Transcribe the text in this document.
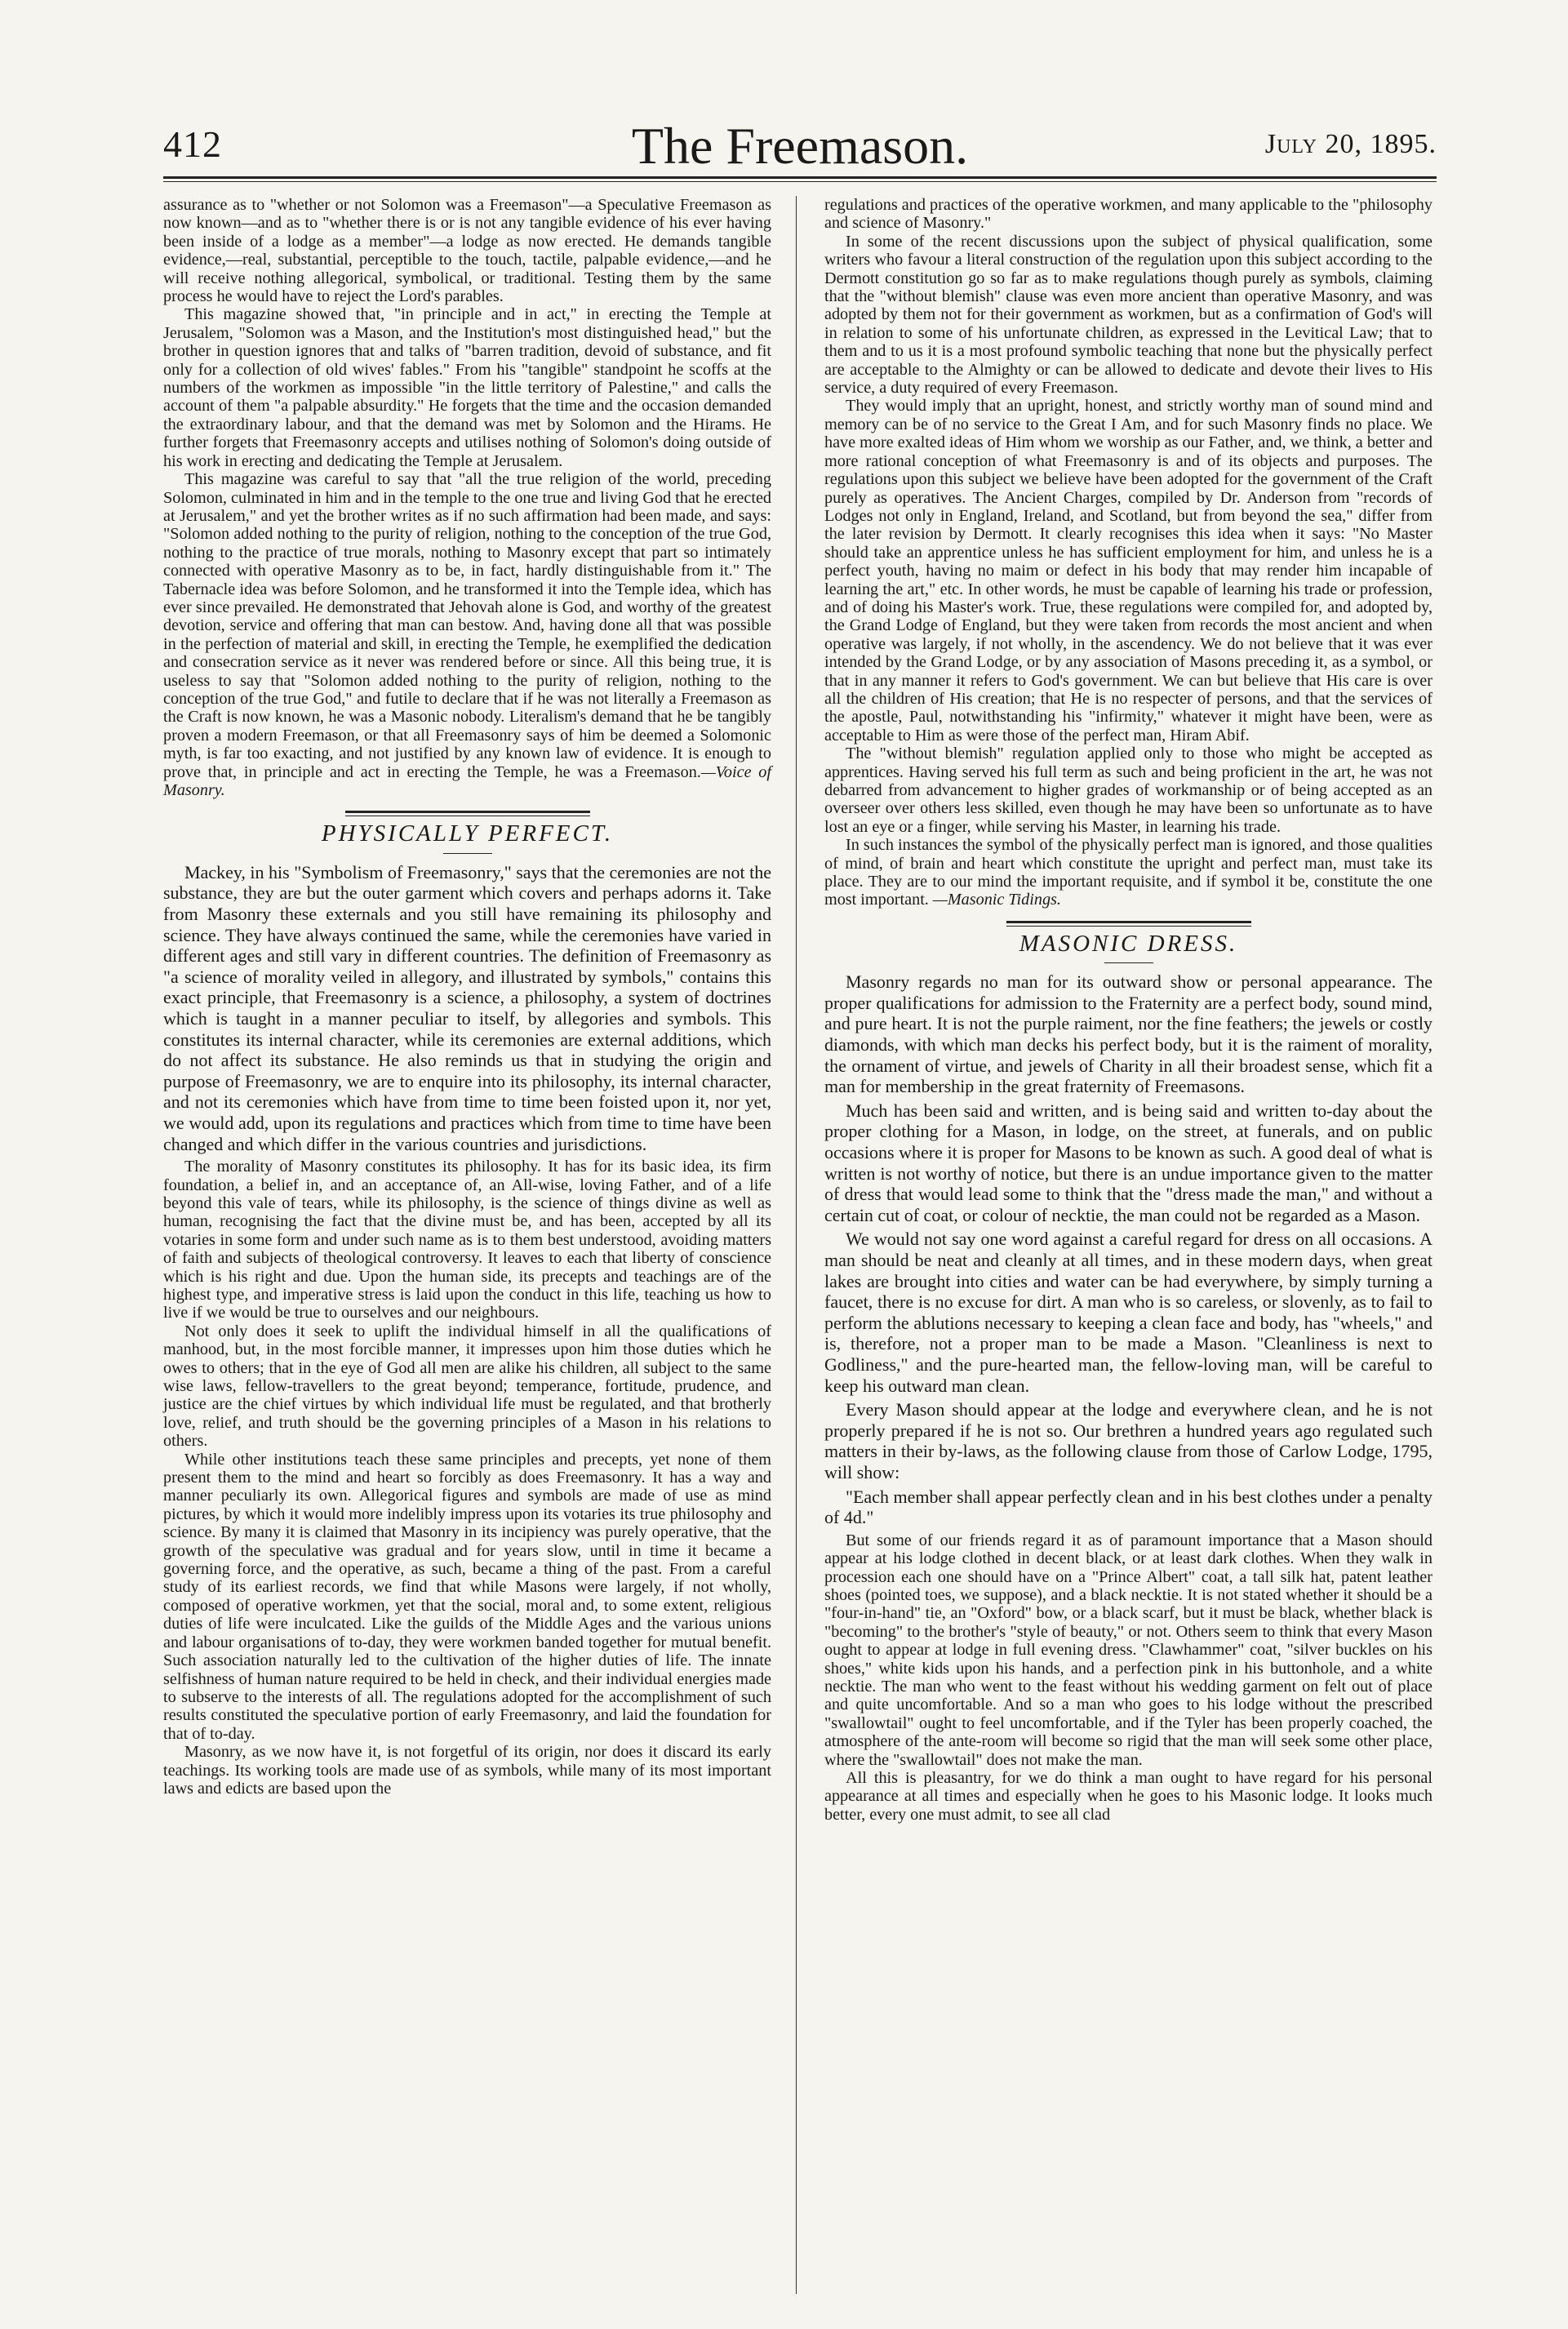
412	The Freemason.	July 20, 1895.

assurance as to "whether or not Solomon was a Freemason"—a Speculative Freemason as now known—and as to "whether there is or is not any tangible evidence of his ever having been inside of a lodge as a member"—a lodge as now erected. He demands tangible evidence,—real, substantial, perceptible to the touch, tactile, palpable evidence,—and he will receive nothing allegorical, symbolical, or traditional. Testing them by the same process he would have to reject the Lord's parables.

This magazine showed that, "in principle and in act," in erecting the Temple at Jerusalem, "Solomon was a Mason, and the Institution's most distinguished head," but the brother in question ignores that and talks of "barren tradition, devoid of substance, and fit only for a collection of old wives' fables." From his "tangible" standpoint he scoffs at the numbers of the workmen as impossible "in the little territory of Palestine," and calls the account of them "a palpable absurdity." He forgets that the time and the occasion demanded the extraordinary labour, and that the demand was met by Solomon and the Hirams. He further forgets that Freemasonry accepts and utilises nothing of Solomon's doing outside of his work in erecting and dedicating the Temple at Jerusalem.

This magazine was careful to say that "all the true religion of the world, preceding Solomon, culminated in him and in the temple to the one true and living God that he erected at Jerusalem," and yet the brother writes as if no such affirmation had been made, and says: "Solomon added nothing to the purity of religion, nothing to the conception of the true God, nothing to the practice of true morals, nothing to Masonry except that part so intimately connected with operative Masonry as to be, in fact, hardly distinguishable from it." The Tabernacle idea was before Solomon, and he transformed it into the Temple idea, which has ever since prevailed. He demonstrated that Jehovah alone is God, and worthy of the greatest devotion, service and offering that man can bestow. And, having done all that was possible in the perfection of material and skill, in erecting the Temple, he exemplified the dedication and consecration service as it never was rendered before or since. All this being true, it is useless to say that "Solomon added nothing to the purity of religion, nothing to the conception of the true God," and futile to declare that if he was not literally a Freemason as the Craft is now known, he was a Masonic nobody. Literalism's demand that he be tangibly proven a modern Freemason, or that all Freemasonry says of him be deemed a Solomonic myth, is far too exacting, and not justified by any known law of evidence. It is enough to prove that, in principle and act in erecting the Temple, he was a Freemason.—Voice of Masonry.

PHYSICALLY PERFECT.

Mackey, in his "Symbolism of Freemasonry," says that the ceremonies are not the substance, they are but the outer garment which covers and perhaps adorns it. Take from Masonry these externals and you still have remaining its philosophy and science. They have always continued the same, while the ceremonies have varied in different ages and still vary in different countries. The definition of Freemasonry as "a science of morality veiled in allegory, and illustrated by symbols," contains this exact principle, that Freemasonry is a science, a philosophy, a system of doctrines which is taught in a manner peculiar to itself, by allegories and symbols. This constitutes its internal character, while its ceremonies are external additions, which do not affect its substance. He also reminds us that in studying the origin and purpose of Freemasonry, we are to enquire into its philosophy, its internal character, and not its ceremonies which have from time to time been foisted upon it, nor yet, we would add, upon its regulations and practices which from time to time have been changed and which differ in the various countries and jurisdictions.

The morality of Masonry constitutes its philosophy. It has for its basic idea, its firm foundation, a belief in, and an acceptance of, an All-wise, loving Father, and of a life beyond this vale of tears, while its philosophy, is the science of things divine as well as human, recognising the fact that the divine must be, and has been, accepted by all its votaries in some form and under such name as is to them best understood, avoiding matters of faith and subjects of theological controversy. It leaves to each that liberty of conscience which is his right and due. Upon the human side, its precepts and teachings are of the highest type, and imperative stress is laid upon the conduct in this life, teaching us how to live if we would be true to ourselves and our neighbours.

Not only does it seek to uplift the individual himself in all the qualifications of manhood, but, in the most forcible manner, it impresses upon him those duties which he owes to others; that in the eye of God all men are alike his children, all subject to the same wise laws, fellow-travellers to the great beyond; temperance, fortitude, prudence, and justice are the chief virtues by which individual life must be regulated, and that brotherly love, relief, and truth should be the governing principles of a Mason in his relations to others.

While other institutions teach these same principles and precepts, yet none of them present them to the mind and heart so forcibly as does Freemasonry. It has a way and manner peculiarly its own. Allegorical figures and symbols are made of use as mind pictures, by which it would more indelibly impress upon its votaries its true philosophy and science. By many it is claimed that Masonry in its incipiency was purely operative, that the growth of the speculative was gradual and for years slow, until in time it became a governing force, and the operative, as such, became a thing of the past. From a careful study of its earliest records, we find that while Masons were largely, if not wholly, composed of operative workmen, yet that the social, moral and, to some extent, religious duties of life were inculcated. Like the guilds of the Middle Ages and the various unions and labour organisations of to-day, they were workmen banded together for mutual benefit. Such association naturally led to the cultivation of the higher duties of life. The innate selfishness of human nature required to be held in check, and their individual energies made to subserve to the interests of all. The regulations adopted for the accomplishment of such results constituted the speculative portion of early Freemasonry, and laid the foundation for that of to-day.

Masonry, as we now have it, is not forgetful of its origin, nor does it discard its early teachings. Its working tools are made use of as symbols, while many of its most important laws and edicts are based upon the

regulations and practices of the operative workmen, and many applicable to the "philosophy and science of Masonry."

In some of the recent discussions upon the subject of physical qualification, some writers who favour a literal construction of the regulation upon this subject according to the Dermott constitution go so far as to make regulations though purely as symbols, claiming that the "without blemish" clause was even more ancient than operative Masonry, and was adopted by them not for their government as workmen, but as a confirmation of God's will in relation to some of his unfortunate children, as expressed in the Levitical Law; that to them and to us it is a most profound symbolic teaching that none but the physically perfect are acceptable to the Almighty or can be allowed to dedicate and devote their lives to His service, a duty required of every Freemason.

They would imply that an upright, honest, and strictly worthy man of sound mind and memory can be of no service to the Great I Am, and for such Masonry finds no place. We have more exalted ideas of Him whom we worship as our Father, and, we think, a better and more rational conception of what Freemasonry is and of its objects and purposes. The regulations upon this subject we believe have been adopted for the government of the Craft purely as operatives. The Ancient Charges, compiled by Dr. Anderson from "records of Lodges not only in England, Ireland, and Scotland, but from beyond the sea," differ from the later revision by Dermott. It clearly recognises this idea when it says: "No Master should take an apprentice unless he has sufficient employment for him, and unless he is a perfect youth, having no maim or defect in his body that may render him incapable of learning the art," etc. In other words, he must be capable of learning his trade or profession, and of doing his Master's work. True, these regulations were compiled for, and adopted by, the Grand Lodge of England, but they were taken from records the most ancient and when operative was largely, if not wholly, in the ascendency. We do not believe that it was ever intended by the Grand Lodge, or by any association of Masons preceding it, as a symbol, or that in any manner it refers to God's government. We can but believe that His care is over all the children of His creation; that He is no respecter of persons, and that the services of the apostle, Paul, notwithstanding his "infirmity," whatever it might have been, were as acceptable to Him as were those of the perfect man, Hiram Abif.

The "without blemish" regulation applied only to those who might be accepted as apprentices. Having served his full term as such and being proficient in the art, he was not debarred from advancement to higher grades of workmanship or of being accepted as an overseer over others less skilled, even though he may have been so unfortunate as to have lost an eye or a finger, while serving his Master, in learning his trade.

In such instances the symbol of the physically perfect man is ignored, and those qualities of mind, of brain and heart which constitute the upright and perfect man, must take its place. They are to our mind the important requisite, and if symbol it be, constitute the one most important. —Masonic Tidings.

MASONIC DRESS.

Masonry regards no man for its outward show or personal appearance. The proper qualifications for admission to the Fraternity are a perfect body, sound mind, and pure heart. It is not the purple raiment, nor the fine feathers; the jewels or costly diamonds, with which man decks his perfect body, but it is the raiment of morality, the ornament of virtue, and jewels of Charity in all their broadest sense, which fit a man for membership in the great fraternity of Freemasons.

Much has been said and written, and is being said and written to-day about the proper clothing for a Mason, in lodge, on the street, at funerals, and on public occasions where it is proper for Masons to be known as such. A good deal of what is written is not worthy of notice, but there is an undue importance given to the matter of dress that would lead some to think that the "dress made the man," and without a certain cut of coat, or colour of necktie, the man could not be regarded as a Mason.

We would not say one word against a careful regard for dress on all occasions. A man should be neat and cleanly at all times, and in these modern days, when great lakes are brought into cities and water can be had everywhere, by simply turning a faucet, there is no excuse for dirt. A man who is so careless, or slovenly, as to fail to perform the ablutions necessary to keeping a clean face and body, has "wheels," and is, therefore, not a proper man to be made a Mason. "Cleanliness is next to Godliness," and the pure-hearted man, the fellow-loving man, will be careful to keep his outward man clean.

Every Mason should appear at the lodge and everywhere clean, and he is not properly prepared if he is not so. Our brethren a hundred years ago regulated such matters in their by-laws, as the following clause from those of Carlow Lodge, 1795, will show:

"Each member shall appear perfectly clean and in his best clothes under a penalty of 4d."

But some of our friends regard it as of paramount importance that a Mason should appear at his lodge clothed in decent black, or at least dark clothes. When they walk in procession each one should have on a "Prince Albert" coat, a tall silk hat, patent leather shoes (pointed toes, we suppose), and a black necktie. It is not stated whether it should be a "four-in-hand" tie, an "Oxford" bow, or a black scarf, but it must be black, whether black is "becoming" to the brother's "style of beauty," or not. Others seem to think that every Mason ought to appear at lodge in full evening dress. "Clawhammer" coat, "silver buckles on his shoes," white kids upon his hands, and a perfection pink in his buttonhole, and a white necktie. The man who went to the feast without his wedding garment on felt out of place and quite uncomfortable. And so a man who goes to his lodge without the prescribed "swallowtail" ought to feel uncomfortable, and if the Tyler has been properly coached, the atmosphere of the ante-room will become so rigid that the man will seek some other place, where the "swallowtail" does not make the man.

All this is pleasantry, for we do think a man ought to have regard for his personal appearance at all times and especially when he goes to his Masonic lodge. It looks much better, every one must admit, to see all clad
